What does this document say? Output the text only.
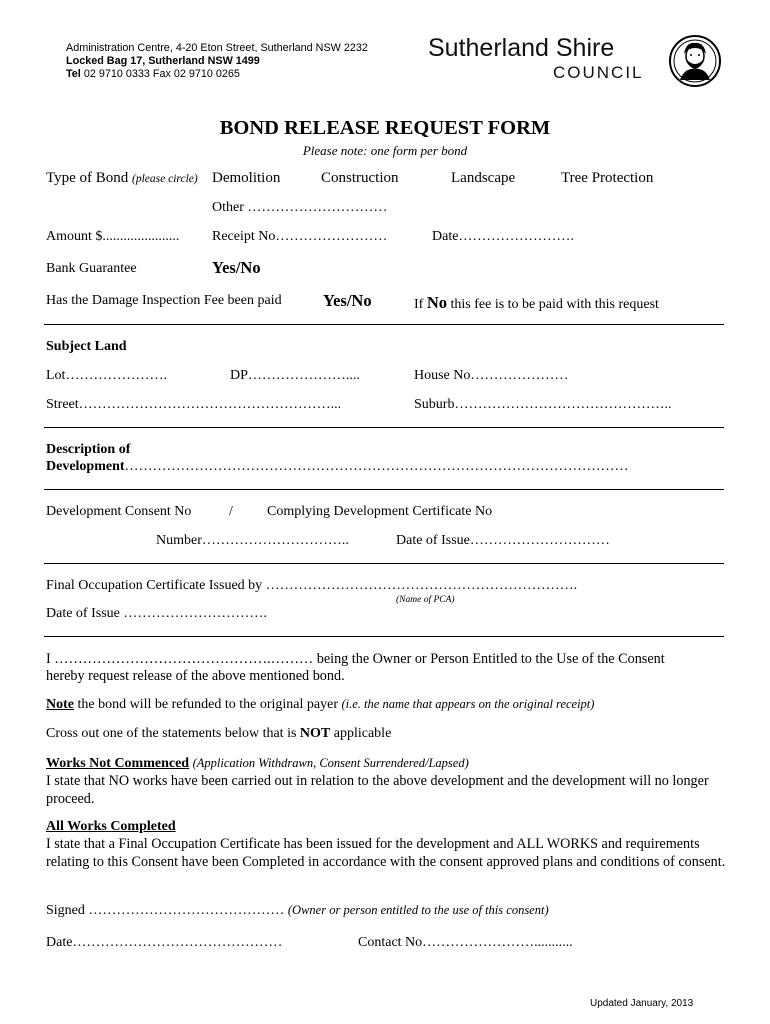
Administration Centre, 4-20 Eton Street, Sutherland NSW 2232
Locked Bag 17, Sutherland NSW 1499
Tel 02 9710 0333 Fax 02 9710 0265
Sutherland Shire
COUNCIL
BOND RELEASE REQUEST FORM
Please note: one form per bond
Type of Bond (please circle) Demolition	Construction	Landscape	Tree Protection
Other …………………………
Amount $...................... Receipt No……………………	Date…………………….
Bank Guarantee	Yes/No
Has the Damage Inspection Fee been paid	Yes/No	If No this fee is to be paid with this request
Subject Land
Lot………………….	DP…………………....	House No…………………
Street………………………………………………...	Suburb………………………………………..
Description of
Development………………………………………………………………………………………………
Development Consent No	/ Complying Development Certificate No
Number…………………………..	Date of Issue…………………………
Final Occupation Certificate Issued by ………………………………………………………….
(Name of PCA)
Date of Issue ………………………….
I ……………………………………….……… being the Owner or Person Entitled to the Use of the Consent
hereby request release of the above mentioned bond.
Note the bond will be refunded to the original payer (i.e. the name that appears on the original receipt)
Cross out one of the statements below that is NOT applicable
Works Not Commenced (Application Withdrawn, Consent Surrendered/Lapsed)
I state that NO works have been carried out in relation to the above development and the development will no longer proceed.
All Works Completed
I state that a Final Occupation Certificate has been issued for the development and ALL WORKS and requirements relating to this Consent have been Completed in accordance with the consent approved plans and conditions of consent.
Signed …………………………………… (Owner or person entitled to the use of this consent)
Date………………………………………	Contact No……………………...........
Updated January, 2013
